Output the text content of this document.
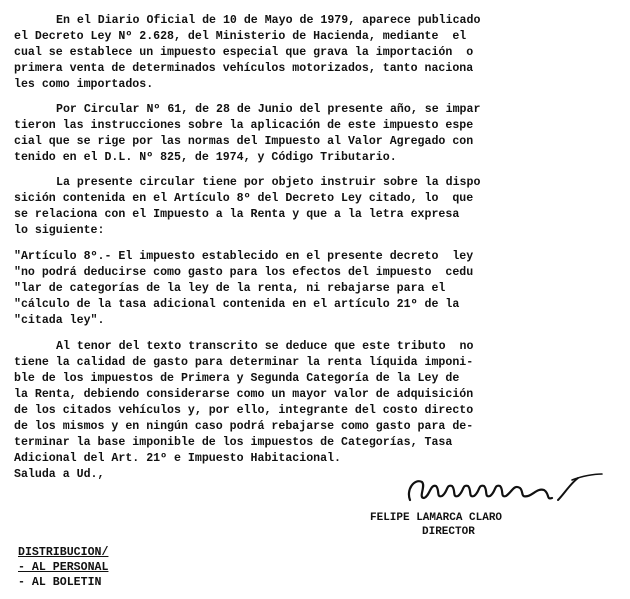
En el Diario Oficial de 10 de Mayo de 1979, aparece publicado
el Decreto Ley Nº 2.628, del Ministerio de Hacienda, mediante  el
cual se establece un impuesto especial que grava la importación  o
primera venta de determinados vehículos motorizados, tanto naciona
les como importados.
Por Circular Nº 61, de 28 de Junio del presente año, se impar
tieron las instrucciones sobre la aplicación de este impuesto espe
cial que se rige por las normas del Impuesto al Valor Agregado con
tenido en el D.L. Nº 825, de 1974, y Código Tributario.
La presente circular tiene por objeto instruir sobre la dispo
sición contenida en el Artículo 8º del Decreto Ley citado, lo  que
se relaciona con el Impuesto a la Renta y que a la letra expresa
lo siguiente:
"Artículo 8º.- El impuesto establecido en el presente decreto  ley
"no podrá deducirse como gasto para los efectos del impuesto  cedu
"lar de categorías de la ley de la renta, ni rebajarse para el
"cálculo de la tasa adicional contenida en el artículo 21º de la
"citada ley".
Al tenor del texto transcrito se deduce que este tributo  no
tiene la calidad de gasto para determinar la renta líquida imponi-
ble de los impuestos de Primera y Segunda Categoría de la Ley de
la Renta, debiendo considerarse como un mayor valor de adquisición
de los citados vehículos y, por ello, integrante del costo directo
de los mismos y en ningún caso podrá rebajarse como gasto para de-
terminar la base imponible de los impuestos de Categorías, Tasa
Adicional del Art. 21º e Impuesto Habitacional.
Saluda a Ud.,
FELIPE LAMARCA CLARO
DIRECTOR
DISTRIBUCION/
- AL PERSONAL
- AL BOLETIN
